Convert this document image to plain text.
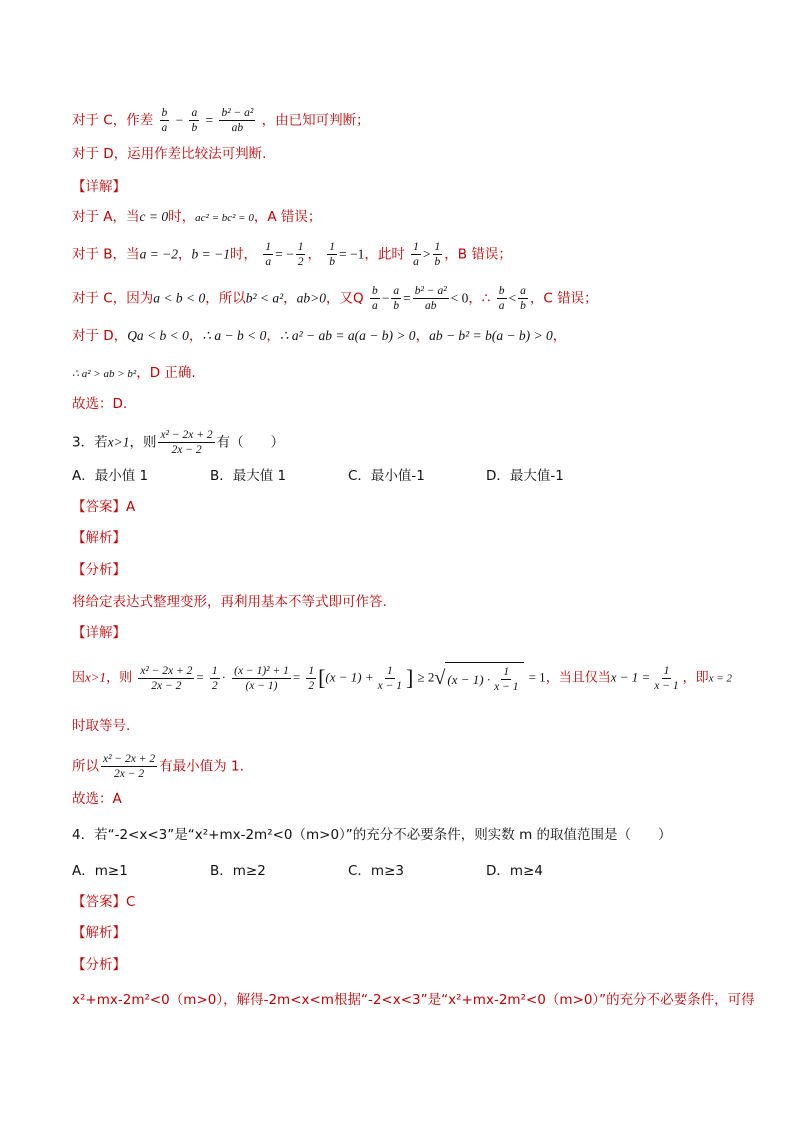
对于 C，作差 $\frac{b}{a} - \frac{a}{b} = \frac{\text{b² − a²}}{ab}$ ，由已知可判断；
对于 D，运用作差比较法可判断.
【详解】
对于 A，当c = 0时，ac² = bc² = 0，A 错误；
对于 B，当a = −2，b = −1时， $\frac{1}{a}$ = − $\frac{1}{2}$ ， $\frac{1}{b} = -1$，此时 $\frac{1}{a} > \frac{1}{b}$ ，B 错误；
对于 C，因为a < b < 0，所以b² < a²，ab>0，又Q $\frac{b}{a} - \frac{a}{b} = \frac{\text{b² − a²}}{ab} < 0$，∴ $\frac{b}{a} < \frac{a}{b}$ ，C 错误；
对于 D，Qa < b < 0，∴ a − b < 0，∴ a² − ab = a(a − b) > 0，ab − b² = b(a − b) > 0，
∴ a² > ab > b²，D 正确.
故选：D.
3．若x>1，则 $\frac{\text{x² − 2x + 2}}{2x - 2}$ 有（　　）
A．最小值 1	B．最大值 1	C．最小值-1	D．最大值-1
【答案】A
【解析】
【分析】
将给定表达式整理变形，再利用基本不等式即可作答.
【详解】
因x>1，则 $\frac{\text{x² − 2x + 2}}{2x - 2} = \frac{1}{2} \cdot \frac{\text{(x − 1)² + 1}}{(x - 1)} = \frac{1}{2} [(x - 1) + \frac{1}{x - 1}$ ] ≥ 2 √ $(x - 1) \cdot \frac{1}{x - 1} = 1$，当且仅当$x - 1 = \frac{1}{x - 1}$ ，即x = 2
时取等号.
所以 $\frac{\text{x² − 2x + 2}}{2x - 2}$ 有最小值为 1.
故选：A
4．若“-2<x<3”是“x²+mx-2m²<0（m>0）”的充分不必要条件，则实数 m 的取值范围是（　　）
A．m≥1	B．m≥2	C．m≥3	D．m≥4
【答案】C
【解析】
【分析】
x²+mx-2m²<0（m>0），解得-2m<x<m根据“-2<x<3”是“x²+mx-2m²<0（m>0）”的充分不必要条件，可得
